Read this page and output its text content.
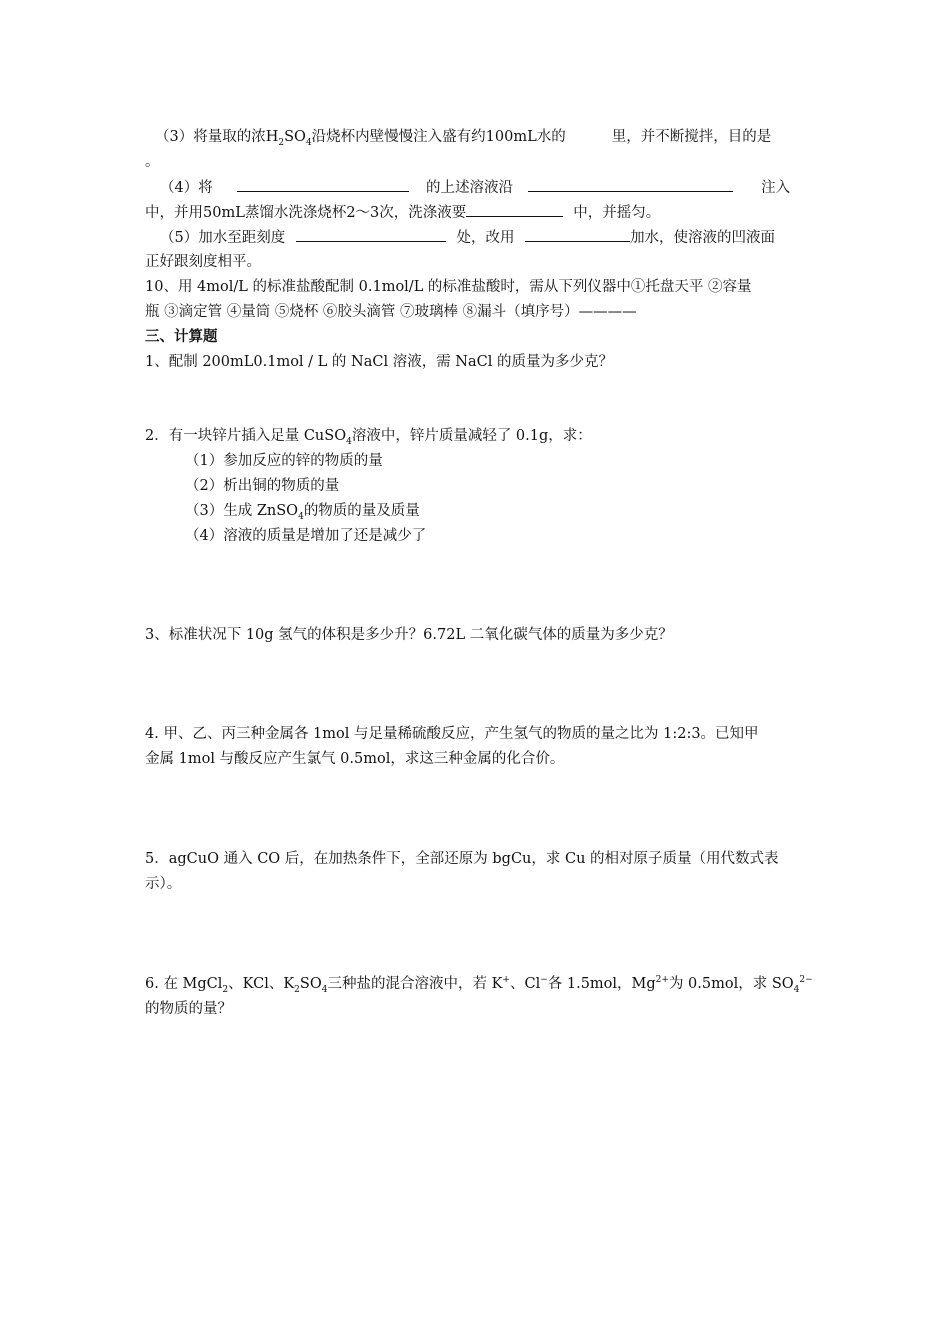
（3）将量取的浓$H_2SO_4$沿烧杯内壁慢慢注入盛有约100mL水的	里，并不断搅拌，目的是
。
（4）将	的上述溶液沿	注入
中，并用50mL蒸馏水洗涤烧杯2～3次，洗涤液要	中，并摇匀。
（5）加水至距刻度	处，改用	加水，使溶液的凹液面
正好跟刻度相平。
10、用 4mol/L 的标准盐酸配制 0.1mol/L 的标准盐酸时，需从下列仪器中①托盘天平 ②容量
瓶 ③滴定管 ④量筒 ⑤烧杯 ⑥胶头滴管 ⑦玻璃棒 ⑧漏斗（填序号）————
三、计算题
1、配制 200mL0.1mol / L 的 NaCl 溶液，需 NaCl 的质量为多少克？
2．有一块锌片插入足量 CuSO$_4$溶液中，锌片质量减轻了 0.1g，求：
（1）参加反应的锌的物质的量
（2）析出铜的物质的量
（3）生成 ZnSO$_4$的物质的量及质量
（4）溶液的质量是增加了还是减少了
3、标准状况下 10g 氢气的体积是多少升？6.72L 二氧化碳气体的质量为多少克？
4. 甲、乙、丙三种金属各 1mol 与足量稀硫酸反应，产生氢气的物质的量之比为 1:2:3。已知甲
金属 1mol 与酸反应产生氯气 0.5mol，求这三种金属的化合价。
5．agCuO 通入 CO 后，在加热条件下，全部还原为 bgCu，求 Cu 的相对原子质量（用代数式表
示）。
6. 在 MgCl$_2$、KCl、$K_2SO_4$三种盐的混合溶液中，若 K+、Cl−各 1.5mol，$Mg^{2+}$为 0.5mol，求 $SO_4^{2-}$
的物质的量？
